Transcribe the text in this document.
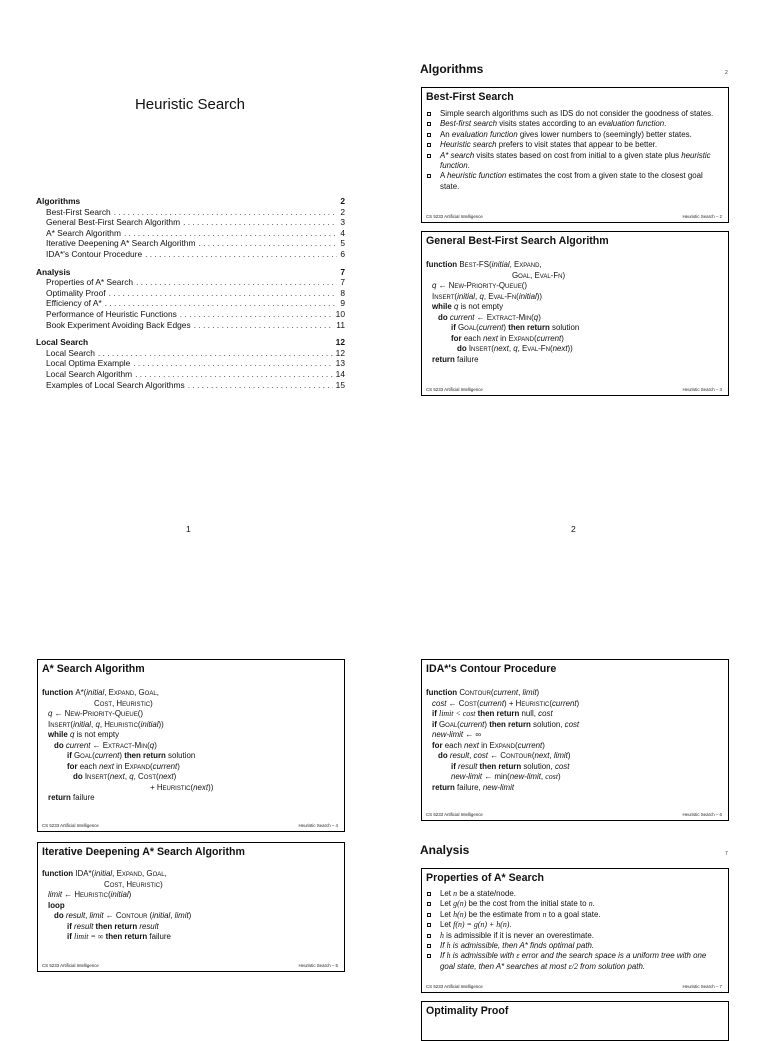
Heuristic Search
Algorithms	2
Best-First Search . . .	2
General Best-First Search Algorithm . . .	3
A* Search Algorithm . . .	4
Iterative Deepening A* Search Algorithm . . .	5
IDA*'s Contour Procedure . . .	6
Analysis	7
Properties of A* Search . . .	7
Optimality Proof . . .	8
Efficiency of A* . . .	9
Performance of Heuristic Functions . . .	10
Book Experiment Avoiding Back Edges . . .	11
Local Search	12
Local Search . . .	12
Local Optima Example . . .	13
Local Search Algorithm . . .	14
Examples of Local Search Algorithms . . .	15
1
Algorithms	2
Best-First Search
Simple search algorithms such as IDS do not consider the goodness of states.
Best-first search visits states according to an evaluation function.
An evaluation function gives lower numbers to (seemingly) better states.
Heuristic search prefers to visit states that appear to be better.
A* search visits states based on cost from initial to a given state plus heuristic function.
A heuristic function estimates the cost from a given state to the closest goal state.
CS 5233 Artificial Intelligence	Heuristic Search – 2
General Best-First Search Algorithm
function Best-FS(initial, Expand,
Goal, Eval-Fn)
q ← New-Priority-Queue()
Insert(initial, q, Eval-Fn(initial))
while q is not empty
do current ← Extract-Min(q)
if Goal(current) then return solution
for each next in Expand(current)
do Insert(next, q, Eval-Fn(next))
return failure
CS 5233 Artificial Intelligence	Heuristic Search – 3
2
A* Search Algorithm
function A*(initial, Expand, Goal,
Cost, Heuristic)
q ← New-Priority-Queue()
Insert(initial, q, Heuristic(initial))
while q is not empty
do current ← Extract-Min(q)
if Goal(current) then return solution
for each next in Expand(current)
do Insert(next, q, Cost(next)
+ Heuristic(next))
return failure
CS 5233 Artificial Intelligence	Heuristic Search – 4
Iterative Deepening A* Search Algorithm
function IDA*(initial, Expand, Goal,
Cost, Heuristic)
limit ← Heuristic(initial)
loop
do result, limit ← Contour (initial, limit)
if result then return result
if limit = ∞ then return failure
CS 5233 Artificial Intelligence	Heuristic Search – 5
IDA*'s Contour Procedure
function Contour(current, limit)
cost ← Cost(current) + Heuristic(current)
if limit < cost then return null, cost
if Goal(current) then return solution, cost
new-limit ← ∞
for each next in Expand(current)
do result, cost ← Contour(next, limit)
if result then return solution, cost
new-limit ← min(new-limit, cost)
return failure, new-limit
CS 5233 Artificial Intelligence	Heuristic Search – 6
Analysis	7
Properties of A* Search
Let n be a state/node.
Let g(n) be the cost from the initial state to n.
Let h(n) be the estimate from n to a goal state.
Let f(n) = g(n) + h(n).
h is admissible if it is never an overestimate.
If h is admissible, then A* finds optimal path.
If h is admissible with ε error and the search space is a uniform tree with one goal state, then A* searches at most ε/2 from solution path.
CS 5233 Artificial Intelligence	Heuristic Search – 7
Optimality Proof
